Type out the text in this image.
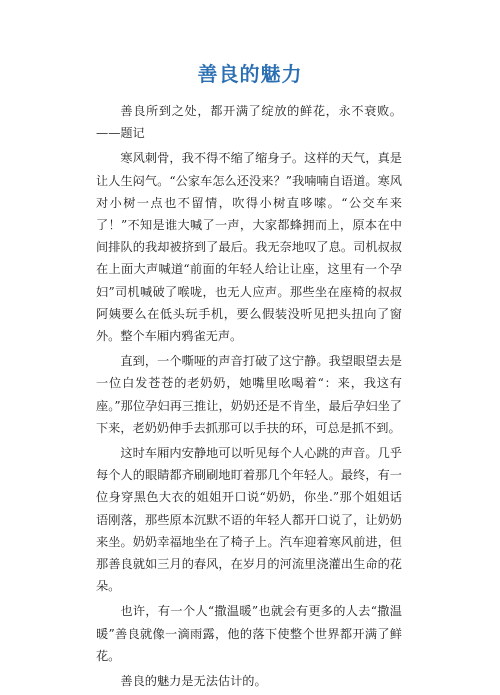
善良的魅力

善良所到之处，都开满了绽放的鲜花，永不衰败。——题记

寒风刺骨，我不得不缩了缩身子。这样的天气，真是让人生闷气。“公家车怎么还没来？”我喃喃自语道。寒风对小树一点也不留情，吹得小树直哆嗦。“公交车来了！”不知是谁大喊了一声，大家都蜂拥而上，原本在中间排队的我却被挤到了最后。我无奈地叹了息。司机叔叔在上面大声喊道“前面的年轻人给让让座，这里有一个孕妇”司机喊破了喉咙，也无人应声。那些坐在座椅的叔叔阿姨要么在低头玩手机，要么假装没听见把头扭向了窗外。整个车厢内鸦雀无声。

直到，一个嘶哑的声音打破了这宁静。我望眼望去是一位白发苍苍的老奶奶，她嘴里吆喝着“：来，我这有座。”那位孕妇再三推让，奶奶还是不肯坐，最后孕妇坐了下来，老奶奶伸手去抓那可以手扶的环，可总是抓不到。

这时车厢内安静地可以听见每个人心跳的声音。几乎每个人的眼睛都齐刷刷地盯着那几个年轻人。最终，有一位身穿黑色大衣的姐姐开口说“奶奶，你坐.”那个姐姐话语刚落，那些原本沉默不语的年轻人都开口说了，让奶奶来坐。奶奶幸福地坐在了椅子上。汽车迎着寒风前进，但那善良就如三月的春风，在岁月的河流里浇灌出生命的花朵。

也许，有一个人“撒温暖”也就会有更多的人去“撒温暖”善良就像一滴雨露，他的落下使整个世界都开满了鲜花。

善良的魅力是无法估计的。
